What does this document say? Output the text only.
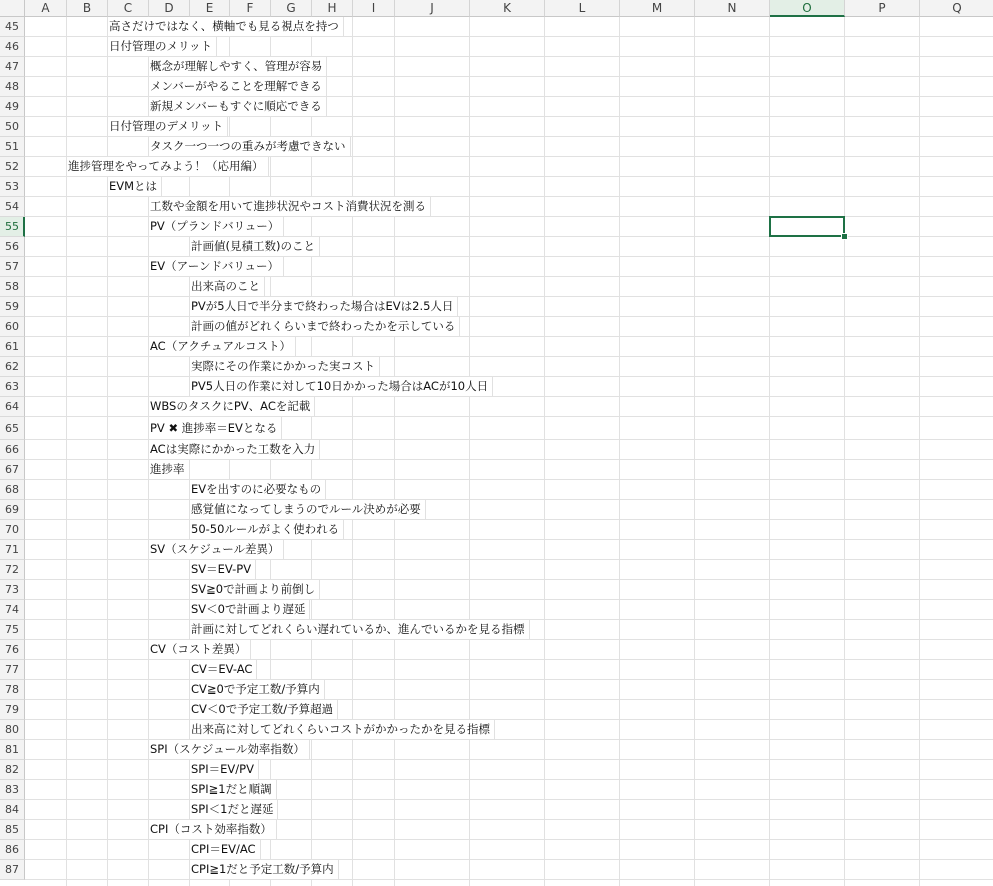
A	B	C	D	E	F	G	H	I	J	K	L	M	N	O	P	Q
45	高さだけではなく、横軸でも見る視点を持つ
46	日付管理のメリット
47	概念が理解しやすく、管理が容易
48	メンバーがやることを理解できる
49	新規メンバーもすぐに順応できる
50	日付管理のデメリット
51	タスク一つ一つの重みが考慮できない
52	進捗管理をやってみよう！（応用編）
53	EVMとは
54	工数や金額を用いて進捗状況やコスト消費状況を測る
55	PV（プランドバリュー）
56	計画値(見積工数)のこと
57	EV（アーンドバリュー）
58	出来高のこと
59	PVが5人日で半分まで終わった場合はEVは2.5人日
60	計画の値がどれくらいまで終わったかを示している
61	AC（アクチュアルコスト）
62	実際にその作業にかかった実コスト
63	PV5人日の作業に対して10日かかった場合はACが10人日
64	WBSのタスクにPV、ACを記載
65	PV ✖︎ 進捗率＝EVとなる
66	ACは実際にかかった工数を入力
67	進捗率
68	EVを出すのに必要なもの
69	感覚値になってしまうのでルール決めが必要
70	50-50ルールがよく使われる
71	SV（スケジュール差異）
72	SV＝EV-PV
73	SV≧0で計画より前倒し
74	SV＜0で計画より遅延
75	計画に対してどれくらい遅れているか、進んでいるかを見る指標
76	CV（コスト差異）
77	CV＝EV-AC
78	CV≧0で予定工数/予算内
79	CV＜0で予定工数/予算超過
80	出来高に対してどれくらいコストがかかったかを見る指標
81	SPI（スケジュール効率指数）
82	SPI＝EV/PV
83	SPI≧1だと順調
84	SPI＜1だと遅延
85	CPI（コスト効率指数）
86	CPI＝EV/AC
87	CPI≧1だと予定工数/予算内
